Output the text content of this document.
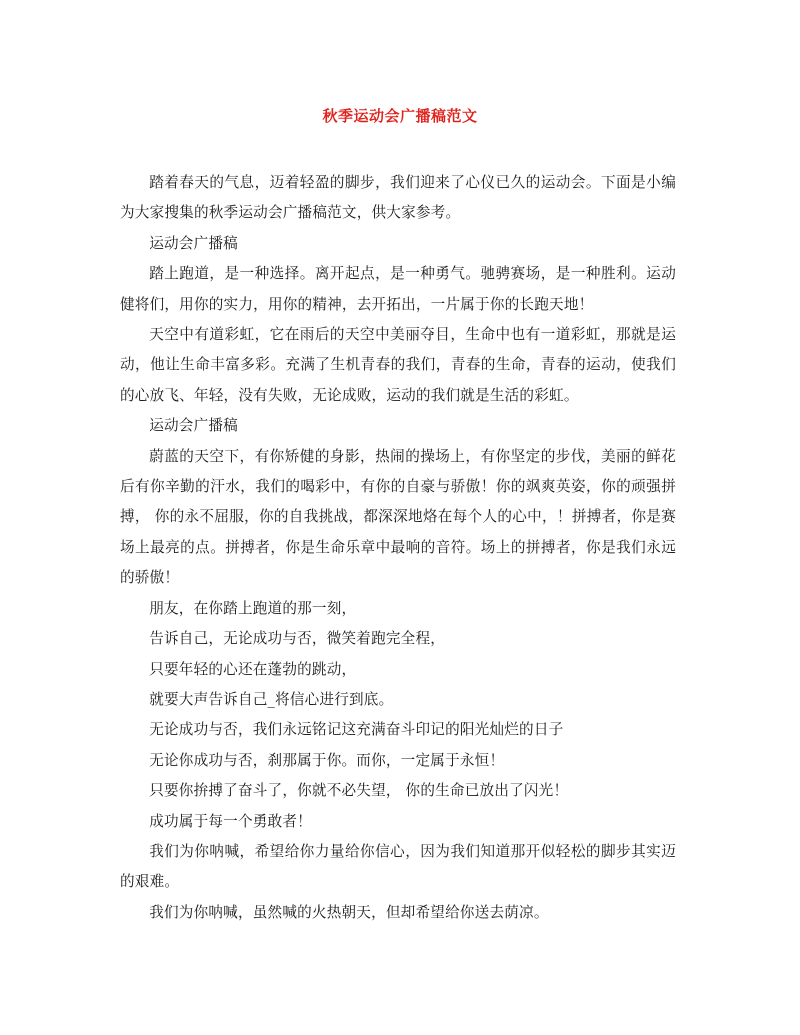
秋季运动会广播稿范文

踏着春天的气息，迈着轻盈的脚步，我们迎来了心仪已久的运动会。下面是小编为大家搜集的秋季运动会广播稿范文，供大家参考。

运动会广播稿

踏上跑道，是一种选择。离开起点，是一种勇气。驰骋赛场，是一种胜利。运动健将们，用你的实力，用你的精神，去开拓出，一片属于你的长跑天地！

天空中有道彩虹，它在雨后的天空中美丽夺目，生命中也有一道彩虹，那就是运动，他让生命丰富多彩。充满了生机青春的我们，青春的生命，青春的运动，使我们的心放飞、年轻，没有失败，无论成败，运动的我们就是生活的彩虹。

运动会广播稿

蔚蓝的天空下，有你矫健的身影，热闹的操场上，有你坚定的步伐，美丽的鲜花后有你辛勤的汗水，我们的喝彩中，有你的自豪与骄傲！你的飒爽英姿，你的顽强拼搏， 你的永不屈服，你的自我挑战，都深深地烙在每个人的心中，！拼搏者，你是赛场上最亮的点。拼搏者，你是生命乐章中最响的音符。场上的拼搏者，你是我们永远的骄傲！

朋友，在你踏上跑道的那一刻，

告诉自己，无论成功与否，微笑着跑完全程，

只要年轻的心还在蓬勃的跳动，

就要大声告诉自己_将信心进行到底。

无论成功与否，我们永远铭记这充满奋斗印记的阳光灿烂的日子

无论你成功与否，刹那属于你。而你，一定属于永恒！

只要你拚搏了奋斗了，你就不必失望， 你的生命已放出了闪光！

成功属于每一个勇敢者！

我们为你呐喊，希望给你力量给你信心，因为我们知道那开似轻松的脚步其实迈的艰难。

我们为你呐喊，虽然喊的火热朝天，但却希望给你送去荫凉。
